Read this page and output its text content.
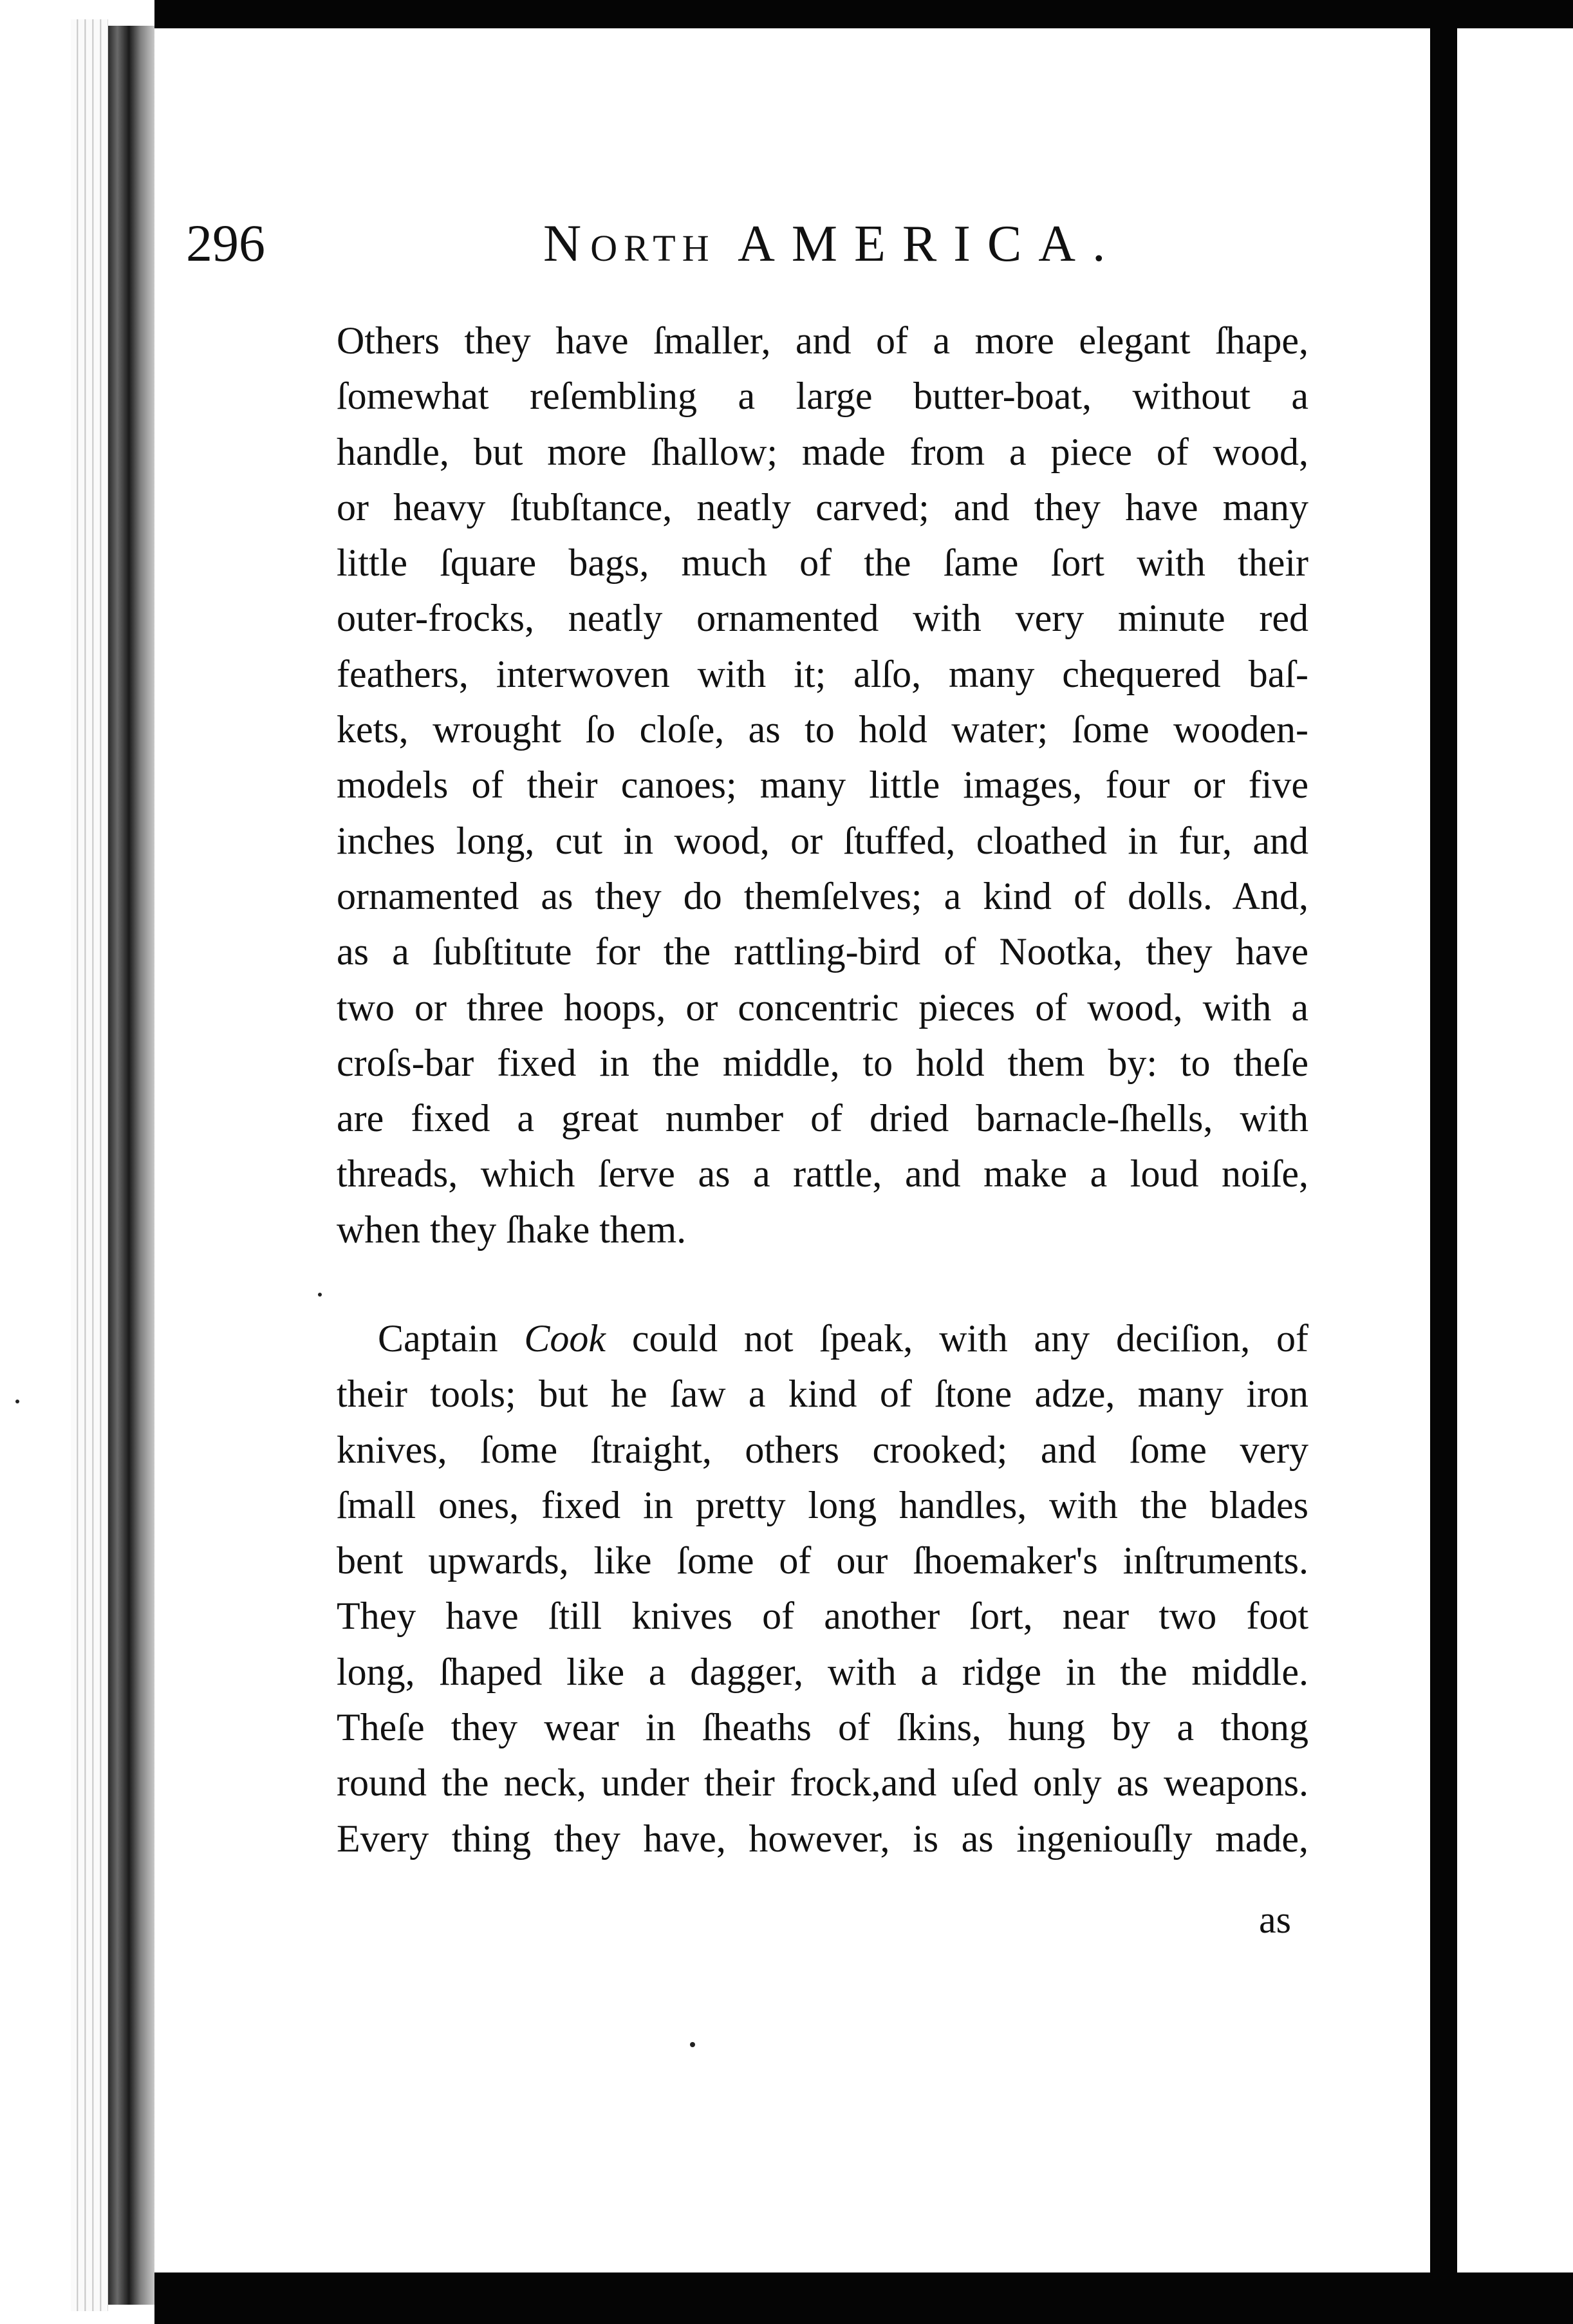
296	NORTH AMERICA.
Others they have ſmaller, and of a more elegant ſhape,
ſomewhat reſembling a large butter-boat, without a
handle, but more ſhallow; made from a piece of wood,
or heavy ſtubſtance, neatly carved; and they have many
little ſquare bags, much of the ſame ſort with their
outer-frocks, neatly ornamented with very minute red
feathers, interwoven with it; alſo, many chequered baſ-
kets, wrought ſo cloſe, as to hold water; ſome wooden-
models of their canoes; many little images, four or five
inches long, cut in wood, or ſtuffed, cloathed in fur, and
ornamented as they do themſelves; a kind of dolls. And,
as a ſubſtitute for the rattling-bird of Nootka, they have
two or three hoops, or concentric pieces of wood, with a
croſs-bar fixed in the middle, to hold them by: to theſe
are fixed a great number of dried barnacle-ſhells, with
threads, which ſerve as a rattle, and make a loud noiſe,
when they ſhake them.
Captain Cook could not ſpeak, with any deciſion, of
their tools; but he ſaw a kind of ſtone adze, many iron
knives, ſome ſtraight, others crooked; and ſome very
ſmall ones, fixed in pretty long handles, with the blades
bent upwards, like ſome of our ſhoemaker's inſtruments.
They have ſtill knives of another ſort, near two foot
long, ſhaped like a dagger, with a ridge in the middle.
Theſe they wear in ſheaths of ſkins, hung by a thong
round the neck, under their frock,and uſed only as weapons.
Every thing they have, however, is as ingeniouſly made,
as
